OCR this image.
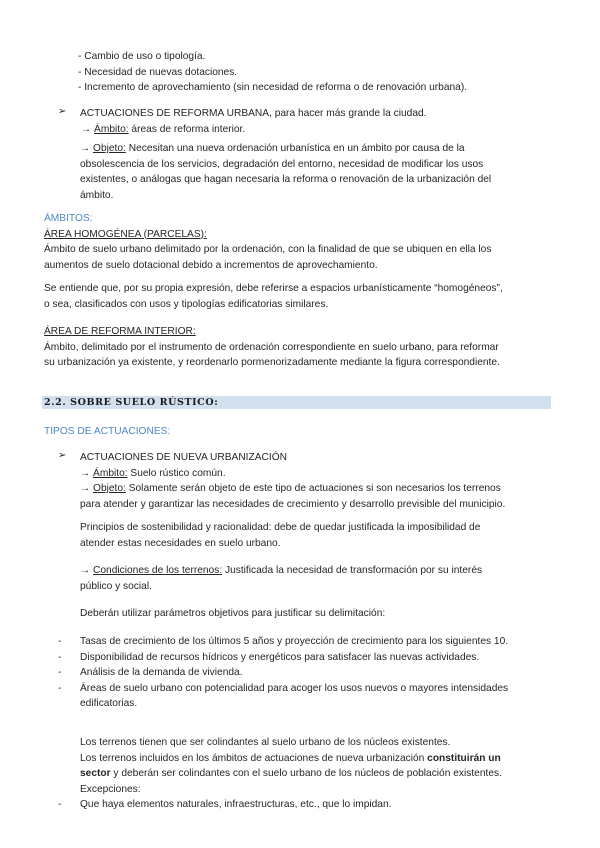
- Cambio de uso o tipología.
- Necesidad de nuevas dotaciones.
- Incremento de aprovechamiento (sin necesidad de reforma o de renovación urbana).
➢ ACTUACIONES DE REFORMA URBANA, para hacer más grande la ciudad.
→ Ámbito: áreas de reforma interior.
→ Objeto: Necesitan una nueva ordenación urbanística en un ámbito por causa de la
obsolescencia de los servicios, degradación del entorno, necesidad de modificar los usos
existentes, o análogas que hagan necesaria la reforma o renovación de la urbanización del
ámbito.
ÁMBITOS:
ÁREA HOMOGÉNEA (PARCELAS):
Ámbito de suelo urbano delimitado por la ordenación, con la finalidad de que se ubiquen en ella los
aumentos de suelo dotacional debido a incrementos de aprovechamiento.
Se entiende que, por su propia expresión, debe referirse a espacios urbanísticamente “homogéneos”,
o sea, clasificados con usos y tipologías edificatorias similares.
ÁREA DE REFORMA INTERIOR:
Ámbito, delimitado por el instrumento de ordenación correspondiente en suelo urbano, para reformar
su urbanización ya existente, y reordenarlo pormenorizadamente mediante la figura correspondiente.
2.2. SOBRE SUELO RÚSTICO:
TIPOS DE ACTUACIONES:
➢ ACTUACIONES DE NUEVA URBANIZACIÓN
→ Ámbito: Suelo rústico común.
→ Objeto: Solamente serán objeto de este tipo de actuaciones si son necesarios los terrenos
para atender y garantizar las necesidades de crecimiento y desarrollo previsible del municipio.
Principios de sostenibilidad y racionalidad: debe de quedar justificada la imposibilidad de
atender estas necesidades en suelo urbano.
→ Condiciones de los terrenos: Justificada la necesidad de transformación por su interés
público y social.
Deberán utilizar parámetros objetivos para justificar su delimitación:
- Tasas de crecimiento de los últimos 5 años y proyección de crecimiento para los siguientes 10.
- Disponibilidad de recursos hídricos y energéticos para satisfacer las nuevas actividades.
- Análisis de la demanda de vivienda.
- Áreas de suelo urbano con potencialidad para acoger los usos nuevos o mayores intensidades
edificatorias.
Los terrenos tienen que ser colindantes al suelo urbano de los núcleos existentes.
Los terrenos incluidos en los ámbitos de actuaciones de nueva urbanización constituirán un
sector y deberán ser colindantes con el suelo urbano de los núcleos de población existentes.
Excepciones:
- Que haya elementos naturales, infraestructuras, etc., que lo impidan.
